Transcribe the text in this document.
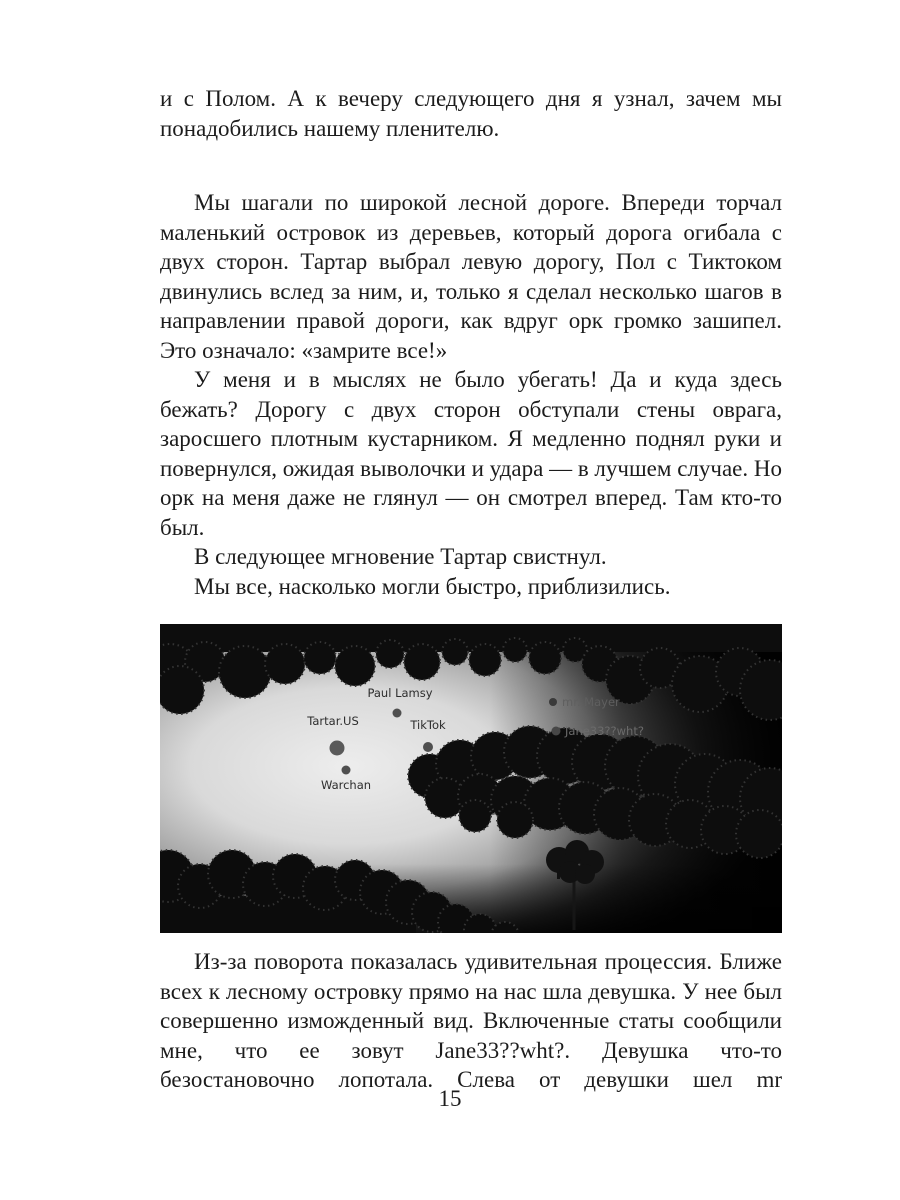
и с Полом. А к вечеру следующего дня я узнал, зачем мы понадобились нашему пленителю.

Мы шагали по широкой лесной дороге. Впереди торчал маленький островок из деревьев, который дорога огибала с двух сторон. Тартар выбрал левую дорогу, Пол с Тиктоком двинулись вслед за ним, и, только я сделал несколько шагов в направлении правой дороги, как вдруг орк громко зашипел. Это означало: «замрите все!»

У меня и в мыслях не было убегать! Да и куда здесь бежать? Дорогу с двух сторон обступали стены оврага, заросшего плотным кустарником. Я медленно поднял руки и повернулся, ожидая выволочки и удара — в лучшем случае. Но орк на меня даже не глянул — он смотрел вперед. Там кто-то был.

В следующее мгновение Тартар свистнул.

Мы все, насколько могли быстро, приблизились.

Paul Lamsy
Tartar.US	TikTok
mr. Mayer
Jane33??wht?
Warchan

Из-за поворота показалась удивительная процессия. Ближе всех к лесному островку прямо на нас шла девушка. У нее был совершенно изможденный вид. Включенные статы сообщили мне, что ее зовут Jane33??wht?. Девушка что-то безостановочно лопотала. Слева от девушки шел mr

15
